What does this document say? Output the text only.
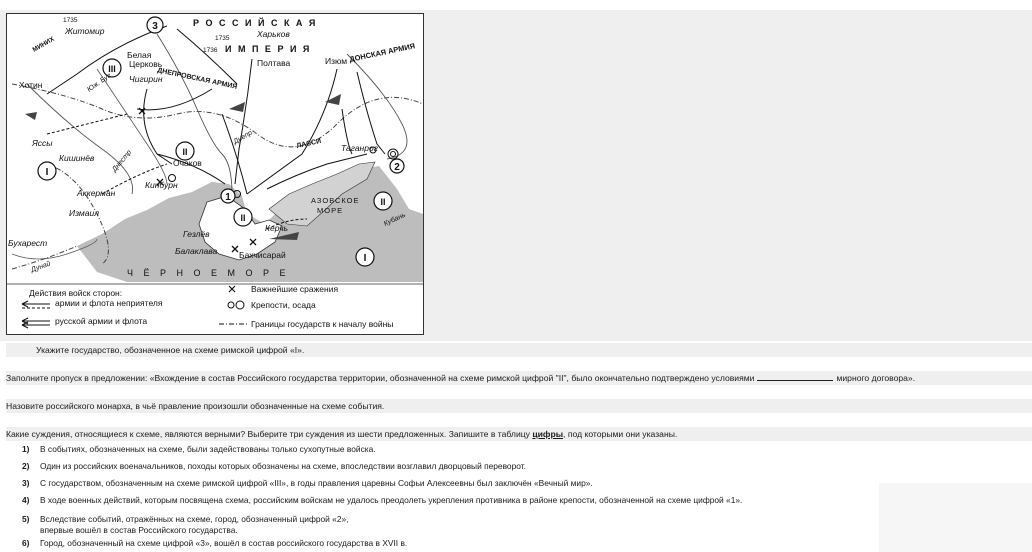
3
2
1
I
III
II
II
II
I
Р О С С И Й С К А Я
И М П Е Р И Я
Житомир	Харьков
Белая
Церковь
ДНЕПРОВСКАЯ АРМИЯ
Полтава	Изюм ДОНСКАЯ АРМИЯ
МИНИХ
Хотин
Чигирин
Юж. Буг
Яссы
Кишинёв	Очаков
Кинбурн
Аккерман
Измаил
Таганрог
АЗОВСКОЕ
МОРЕ
Керчь
Гезлёв
Балаклава	Бахчисарай
Бухарест
Дунай	Ч Ё Р Н О Е М О Р Е
Днепр
Днестр
ЛАССИ
Кубань
1735
1735
1736
Действия войск сторон:
армии и флота неприятеля
русской армии и флота
Важнейшие сражения
Крепости, осада
Границы государств к началу войны
Укажите государство, обозначенное на схеме римской цифрой «I».
Заполните пропуск в предложении: «Вхождение в состав Российского государства территории, обозначенной на схеме римской цифрой "II", было окончательно подтверждено условиями	мирного договора».
Назовите российского монарха, в чьё правление произошли обозначенные на схеме события.
Какие суждения, относящиеся к схеме, являются верными? Выберите три суждения из шести предложенных. Запишите в таблицу цифры, под которыми они указаны.
1)	В событиях, обозначенных на схеме, были задействованы только сухопутные войска.
2)	Один из российских военачальников, походы которых обозначены на схеме, впоследствии возглавил дворцовый переворот.
3)	С государством, обозначенным на схеме римской цифрой «III», в годы правления царевны Софьи Алексеевны был заключён «Вечный мир».
4)	В ходе военных действий, которым посвящена схема, российским войскам не удалось преодолеть укрепления противника в районе крепости, обозначенной на схеме цифрой «1».
5)	Вследствие событий, отражённых на схеме, город, обозначенный цифрой «2», впервые вошёл в состав Российского государства.
6)	Город, обозначенный на схеме цифрой «3», вошёл в состав российского государства в XVII в.
